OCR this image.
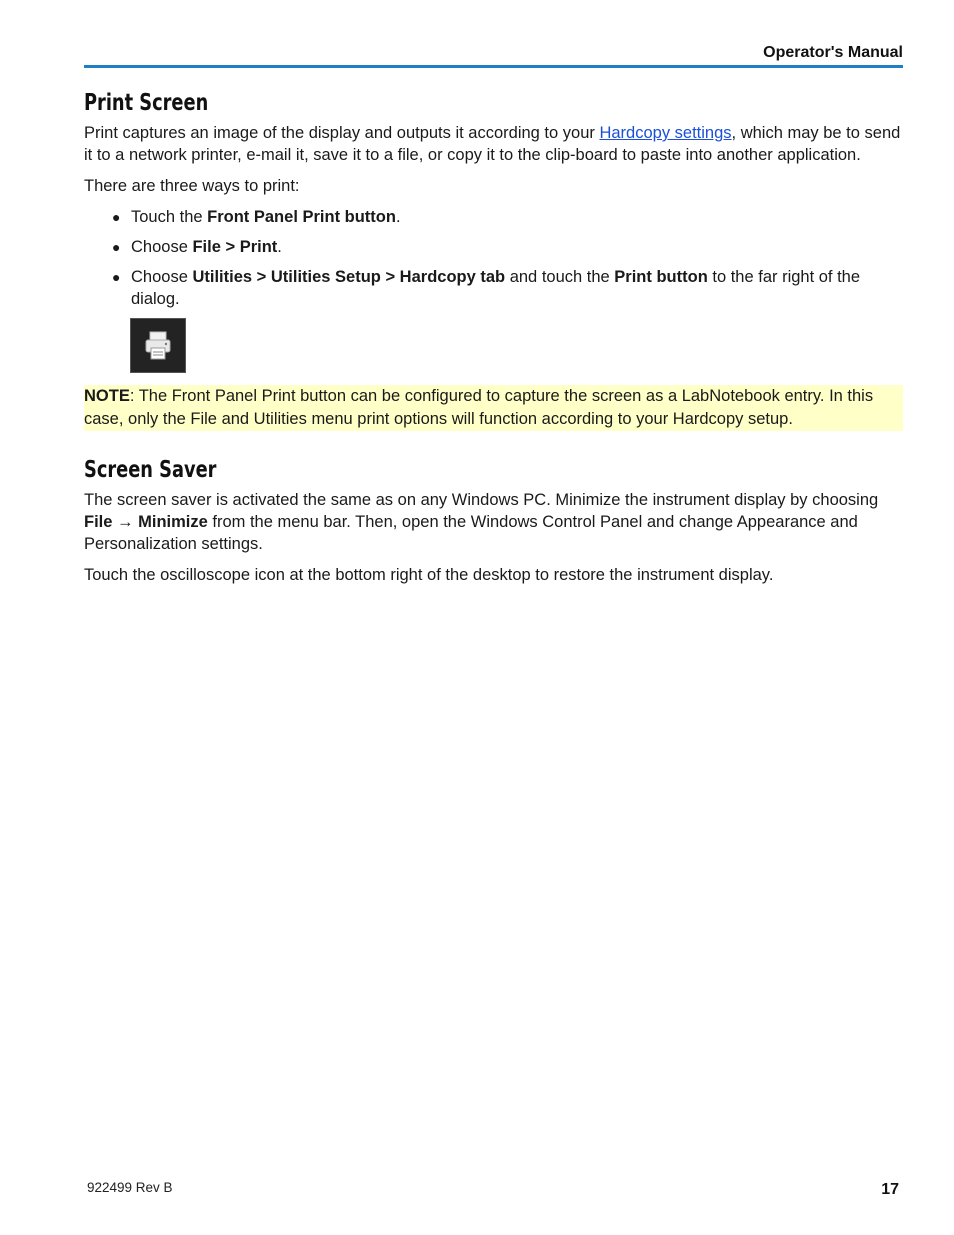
Operator's Manual
Print Screen

Print captures an image of the display and outputs it according to your Hardcopy settings, which may be to send it to a network printer, e-mail it, save it to a file, or copy it to the clip-board to paste into another application.

There are three ways to print:

● Touch the Front Panel Print button.
● Choose File > Print.
● Choose Utilities > Utilities Setup > Hardcopy tab and touch the Print button to the far right of the dialog.

NOTE: The Front Panel Print button can be configured to capture the screen as a LabNotebook entry. In this case, only the File and Utilities menu print options will function according to your Hardcopy setup.

Screen Saver

The screen saver is activated the same as on any Windows PC. Minimize the instrument display by choosing File → Minimize from the menu bar. Then, open the Windows Control Panel and change Appearance and Personalization settings.

Touch the oscilloscope icon at the bottom right of the desktop to restore the instrument display.

922499 Rev B	17
